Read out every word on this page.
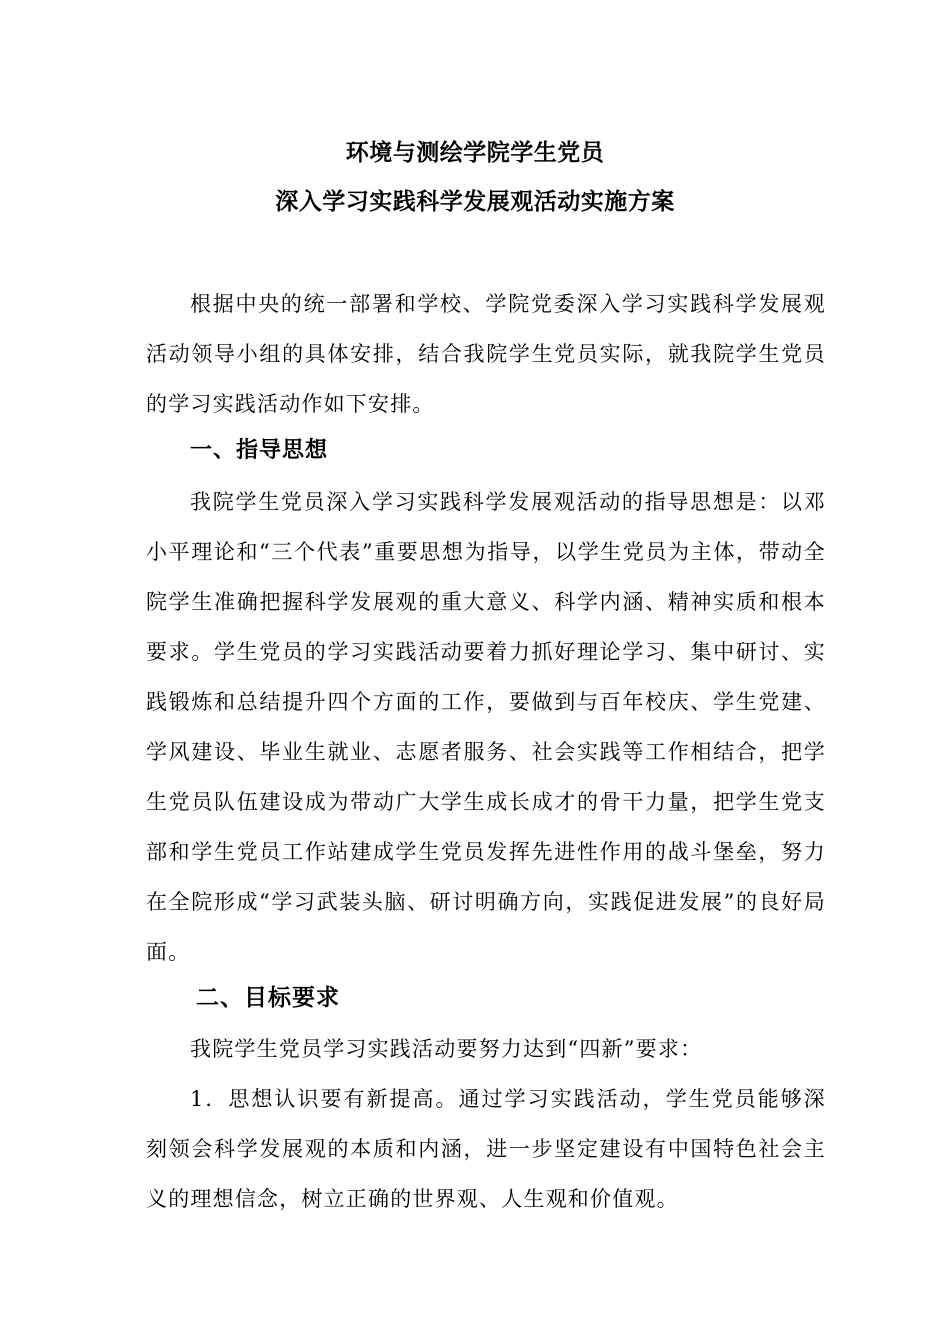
环境与测绘学院学生党员
深入学习实践科学发展观活动实施方案

根据中央的统一部署和学校、学院党委深入学习实践科学发展观活动领导小组的具体安排，结合我院学生党员实际，就我院学生党员的学习实践活动作如下安排。

一、指导思想

我院学生党员深入学习实践科学发展观活动的指导思想是：以邓小平理论和“三个代表”重要思想为指导，以学生党员为主体，带动全院学生准确把握科学发展观的重大意义、科学内涵、精神实质和根本要求。学生党员的学习实践活动要着力抓好理论学习、集中研讨、实践锻炼和总结提升四个方面的工作，要做到与百年校庆、学生党建、学风建设、毕业生就业、志愿者服务、社会实践等工作相结合，把学生党员队伍建设成为带动广大学生成长成才的骨干力量，把学生党支部和学生党员工作站建成学生党员发挥先进性作用的战斗堡垒，努力在全院形成“学习武装头脑、研讨明确方向，实践促进发展”的良好局面。

二、目标要求

我院学生党员学习实践活动要努力达到“四新”要求：

1．思想认识要有新提高。通过学习实践活动，学生党员能够深刻领会科学发展观的本质和内涵，进一步坚定建设有中国特色社会主义的理想信念，树立正确的世界观、人生观和价值观。
